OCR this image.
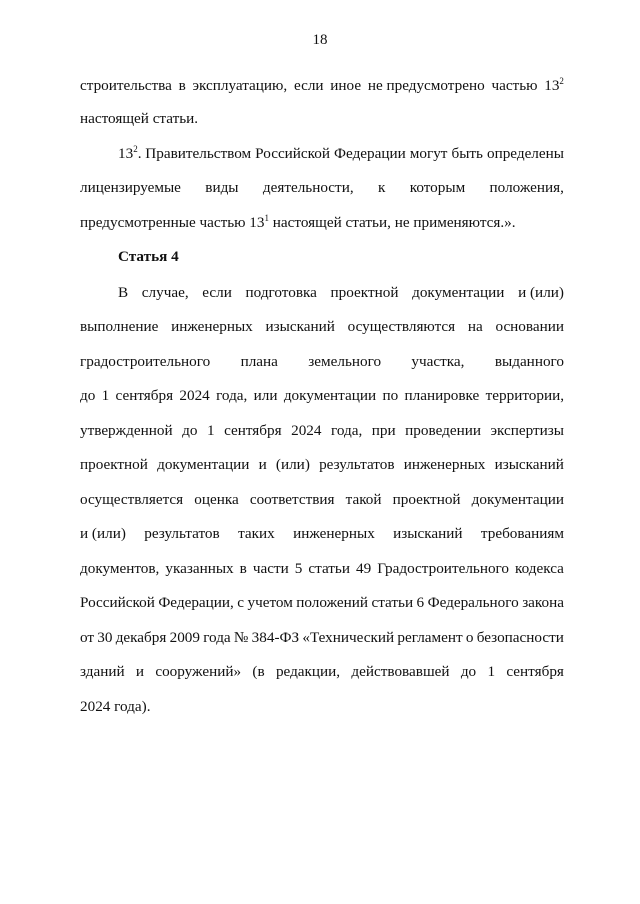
18
строительства в эксплуатацию, если иное не предусмотрено частью $13^2$
настоящей статьи.
$13^2$. Правительством Российской Федерации могут быть определены
лицензируемые виды деятельности, к которым положения,
предусмотренные частью $13^1$ настоящей статьи, не применяются.».
Статья 4
В случае, если подготовка проектной документации и (или)
выполнение инженерных изысканий осуществляются на основании
градостроительного плана земельного участка, выданного
до 1 сентября 2024 года, или документации по планировке территории,
утвержденной до 1 сентября 2024 года, при проведении экспертизы
проектной документации и (или) результатов инженерных изысканий
осуществляется оценка соответствия такой проектной документации
и (или) результатов таких инженерных изысканий требованиям
документов, указанных в части 5 статьи 49 Градостроительного кодекса
Российской Федерации, с учетом положений статьи 6 Федерального закона
от 30 декабря 2009 года № 384-ФЗ «Технический регламент о безопасности
зданий и сооружений» (в редакции, действовавшей до 1 сентября
2024 года).
